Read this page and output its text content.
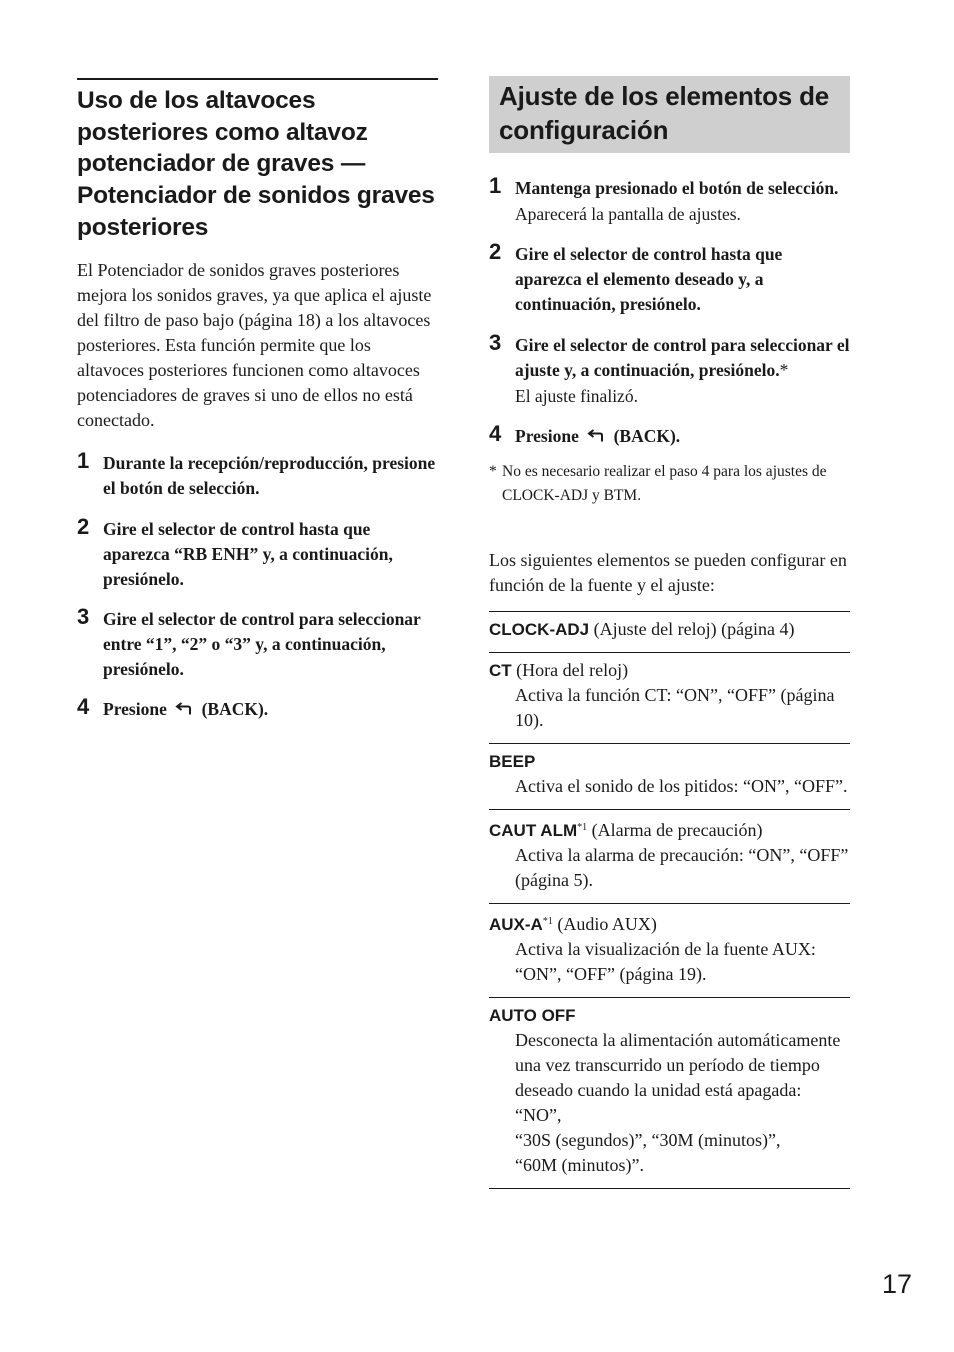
Uso de los altavoces posteriores como altavoz potenciador de graves — Potenciador de sonidos graves posteriores

El Potenciador de sonidos graves posteriores mejora los sonidos graves, ya que aplica el ajuste del filtro de paso bajo (página 18) a los altavoces posteriores. Esta función permite que los altavoces posteriores funcionen como altavoces potenciadores de graves si uno de ellos no está conectado.

1 Durante la recepción/reproducción, presione el botón de selección.
2 Gire el selector de control hasta que aparezca “RB ENH” y, a continuación, presiónelo.
3 Gire el selector de control para seleccionar entre “1”, “2” o “3” y, a continuación, presiónelo.
4 Presione (BACK).
Ajuste de los elementos de configuración
1 Mantenga presionado el botón de selección.
Aparecerá la pantalla de ajustes.
2 Gire el selector de control hasta que aparezca el elemento deseado y, a continuación, presiónelo.
3 Gire el selector de control para seleccionar el ajuste y, a continuación, presiónelo.*
El ajuste finalizó.
4 Presione (BACK).
* No es necesario realizar el paso 4 para los ajustes de CLOCK-ADJ y BTM.

Los siguientes elementos se pueden configurar en función de la fuente y el ajuste:

CLOCK-ADJ (Ajuste del reloj) (página 4)
CT (Hora del reloj)
Activa la función CT: “ON”, “OFF” (página 10).
BEEP
Activa el sonido de los pitidos: “ON”, “OFF”.
CAUT ALM$^{*1}$ (Alarma de precaución)
Activa la alarma de precaución: “ON”, “OFF” (página 5).
AUX-$A^{*1}$ (Audio AUX)
Activa la visualización de la fuente AUX: “ON”, “OFF” (página 19).
AUTO OFF
Desconecta la alimentación automáticamente una vez transcurrido un período de tiempo deseado cuando la unidad está apagada: “NO”,
“30S (segundos)”, “30M (minutos)”,
“60M (minutos)”.
17
